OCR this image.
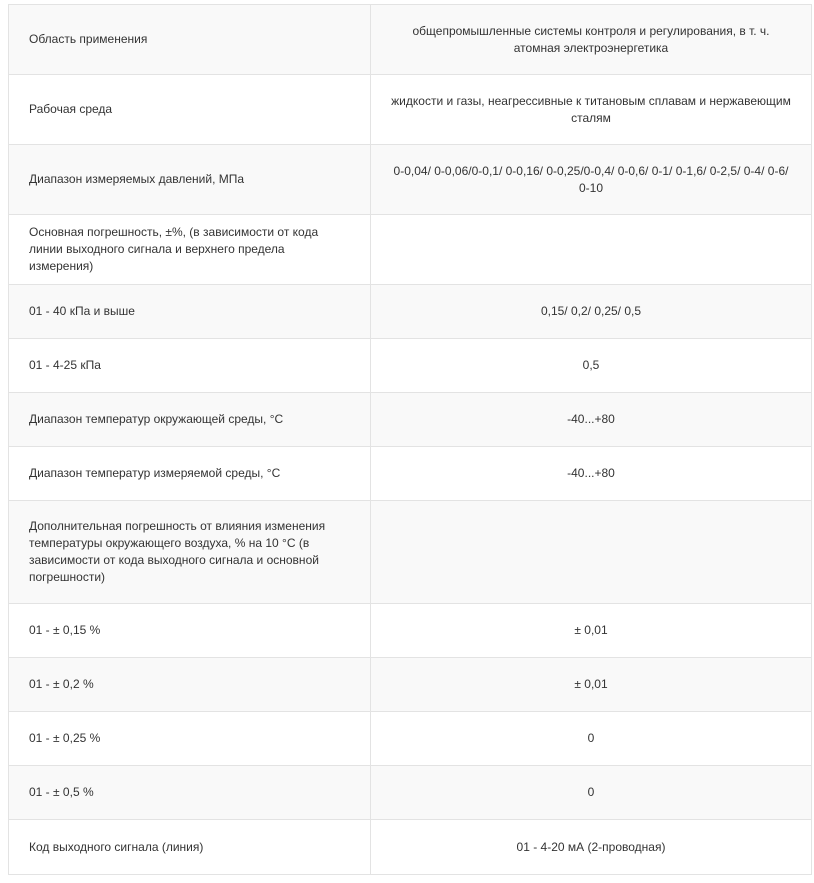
Область применения	общепромышленные системы контроля и регулирования, в т. ч. атомная электроэнергетика
Рабочая среда	жидкости и газы, неагрессивные к титановым сплавам и нержавеющим сталям
Диапазон измеряемых давлений, МПа	0-0,04/ 0-0,06/0-0,1/ 0-0,16/ 0-0,25/0-0,4/ 0-0,6/ 0-1/ 0-1,6/ 0-2,5/ 0-4/ 0-6/ 0-10
Основная погрешность, ±%, (в зависимости от кода линии выходного сигнала и верхнего предела измерения)	
01 - 40 кПа и выше	0,15/ 0,2/ 0,25/ 0,5
01 - 4-25 кПа	0,5
Диапазон температур окружающей среды, °С	-40...+80
Диапазон температур измеряемой среды, °С	-40...+80
Дополнительная погрешность от влияния изменения температуры окружающего воздуха, % на 10 °С (в зависимости от кода выходного сигнала и основной погрешности)	
01 - ± 0,15 %	± 0,01
01 - ± 0,2 %	± 0,01
01 - ± 0,25 %	0
01 - ± 0,5 %	0
Код выходного сигнала (линия)	01 - 4-20 мА (2-проводная)
